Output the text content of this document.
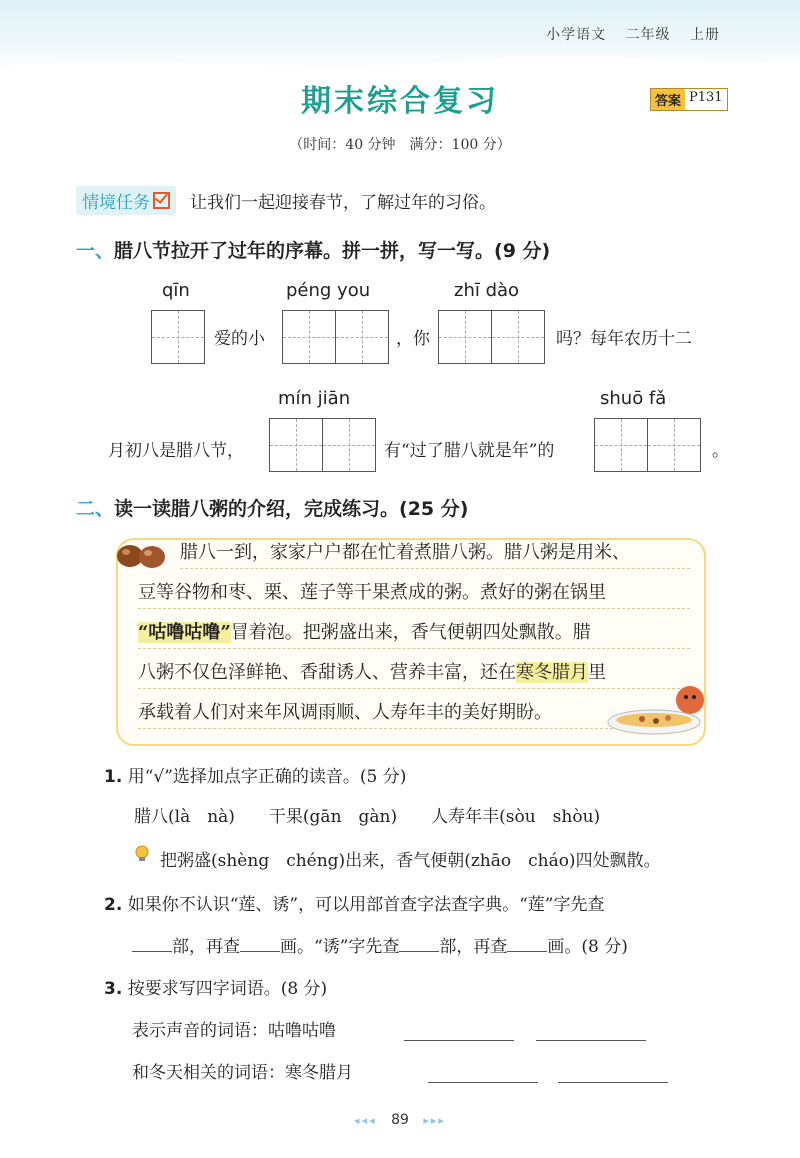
小学语文 二年级 上册
期末综合复习	答案 P131
（时间：40 分钟　满分：100 分）
情境任务	让我们一起迎接春节，了解过年的习俗。
一、腊八节拉开了过年的序幕。拼一拼，写一写。(9 分)
qīn	péng you	zhī dào
爱的小	，你	吗？每年农历十二
mín jiān	shuō fǎ
月初八是腊八节，	有“过了腊八就是年”的	。
二、读一读腊八粥的介绍，完成练习。(25 分)
腊八一到，家家户户都在忙着煮腊八粥。腊八粥是用米、
豆等谷物和枣、栗、莲子等干果煮成的粥。煮好的粥在锅里
“咕噜咕噜”冒着泡。把粥盛出来，香气便朝四处飘散。腊
八粥不仅色泽鲜艳、香甜诱人、营养丰富，还在寒冬腊月里
承载着人们对来年风调雨顺、人寿年丰的美好期盼。
1. 用“√”选择加点字正确的读音。(5 分)
腊八(là　nà)　　干果(gān　gàn)　　人寿年丰(sòu　shòu)
把粥盛(shèng　chéng)出来，香气便朝(zhāo　cháo)四处飘散。
2. 如果你不认识“莲、诱”，可以用部首查字法查字典。“莲”字先查
部，再查 画。“诱”字先查 部，再查 画。(8 分)
3. 按要求写四字词语。(8 分)
表示声音的词语：咕噜咕噜
和冬天相关的词语：寒冬腊月
◂◂◂ 89 ▸▸▸
